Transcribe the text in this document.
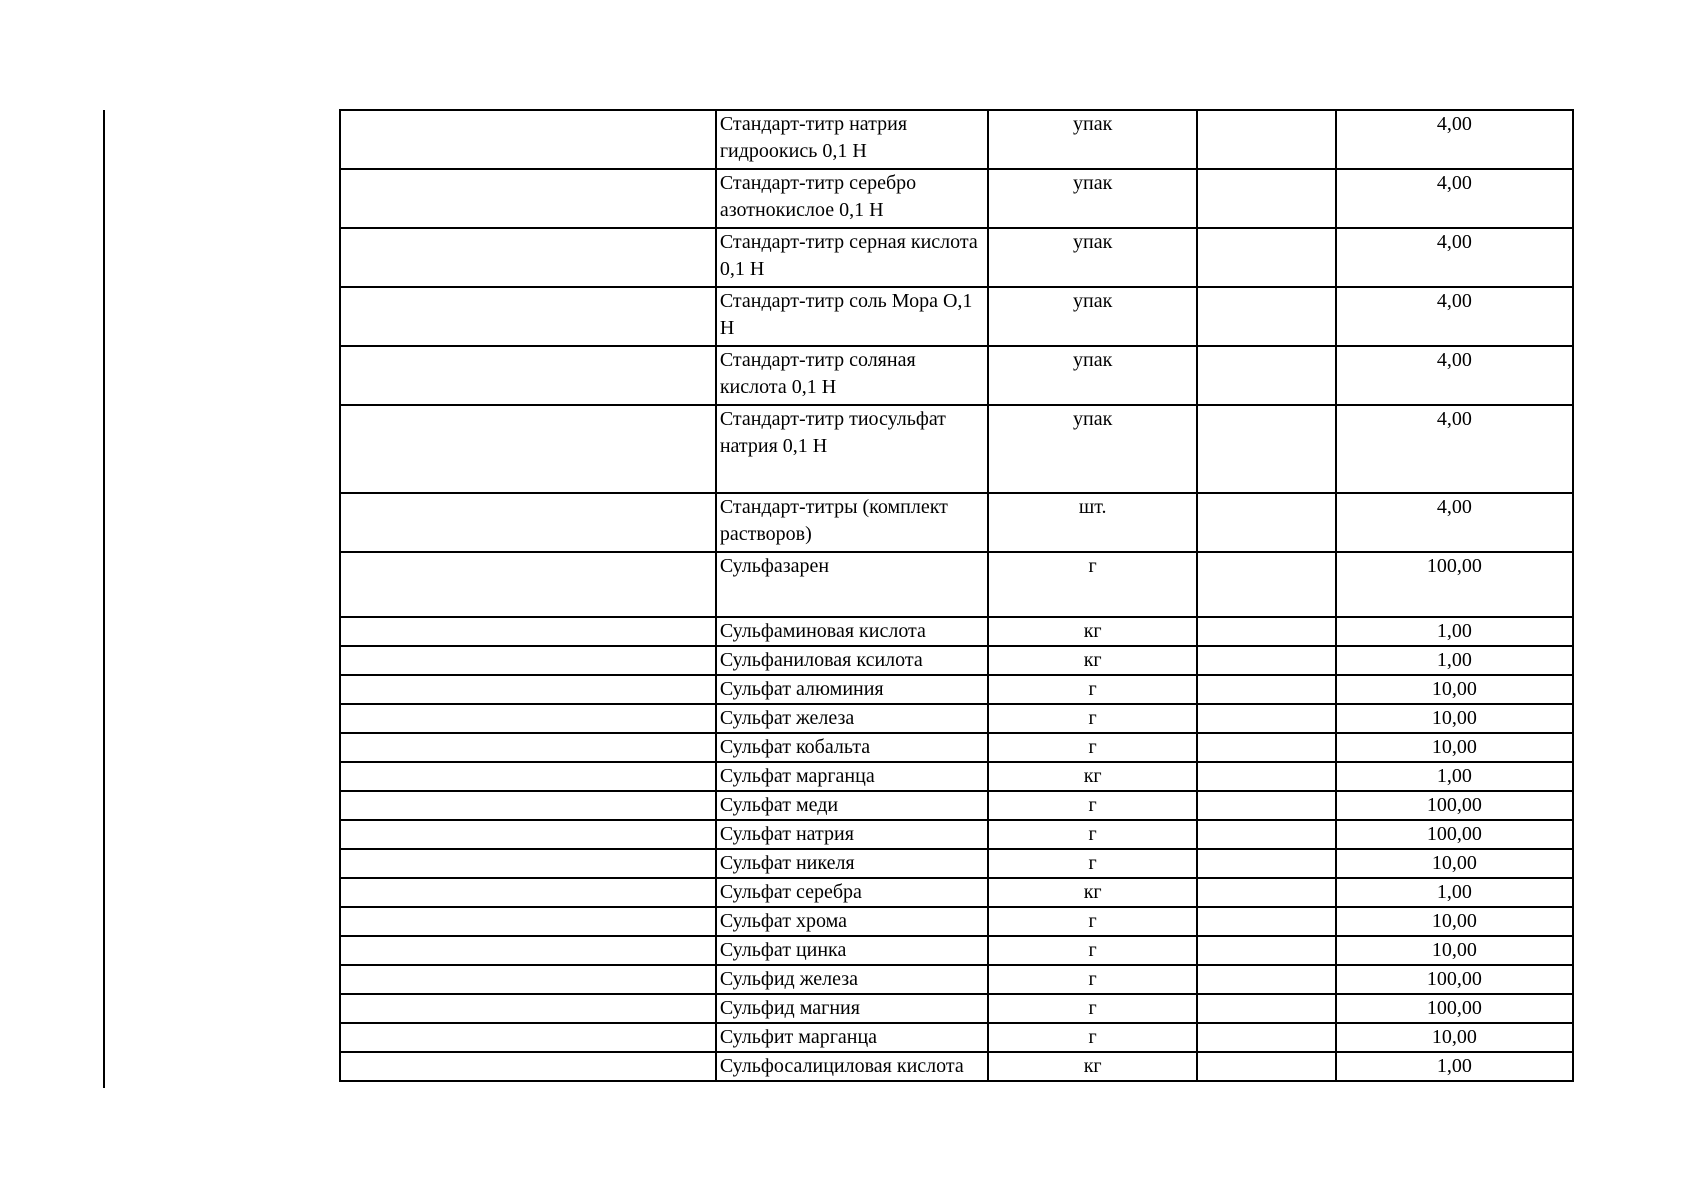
	Стандарт-титр натрия гидроокись 0,1 Н	упак		4,00
	Стандарт-титр серебро азотнокислое 0,1 Н	упак		4,00
	Стандарт-титр серная кислота 0,1 Н	упак		4,00
	Стандарт-титр соль Мора O,1 Н	упак		4,00
	Стандарт-титр соляная кислота 0,1 Н	упак		4,00
	Стандарт-титр тиосульфат натрия 0,1 Н	упак		4,00
	Стандарт-титры (комплект растворов)	шт.		4,00
	Сульфазарен	г		100,00
	Сульфаминовая кислота	кг		1,00
	Сульфаниловая ксилота	кг		1,00
	Сульфат алюминия	г		10,00
	Сульфат железа	г		10,00
	Сульфат кобальта	г		10,00
	Сульфат марганца	кг		1,00
	Сульфат меди	г		100,00
	Сульфат натрия	г		100,00
	Сульфат никеля	г		10,00
	Сульфат серебра	кг		1,00
	Сульфат хрома	г		10,00
	Сульфат цинка	г		10,00
	Сульфид железа	г		100,00
	Сульфид магния	г		100,00
	Сульфит марганца	г		10,00
	Сульфосалициловая кислота	кг		1,00
